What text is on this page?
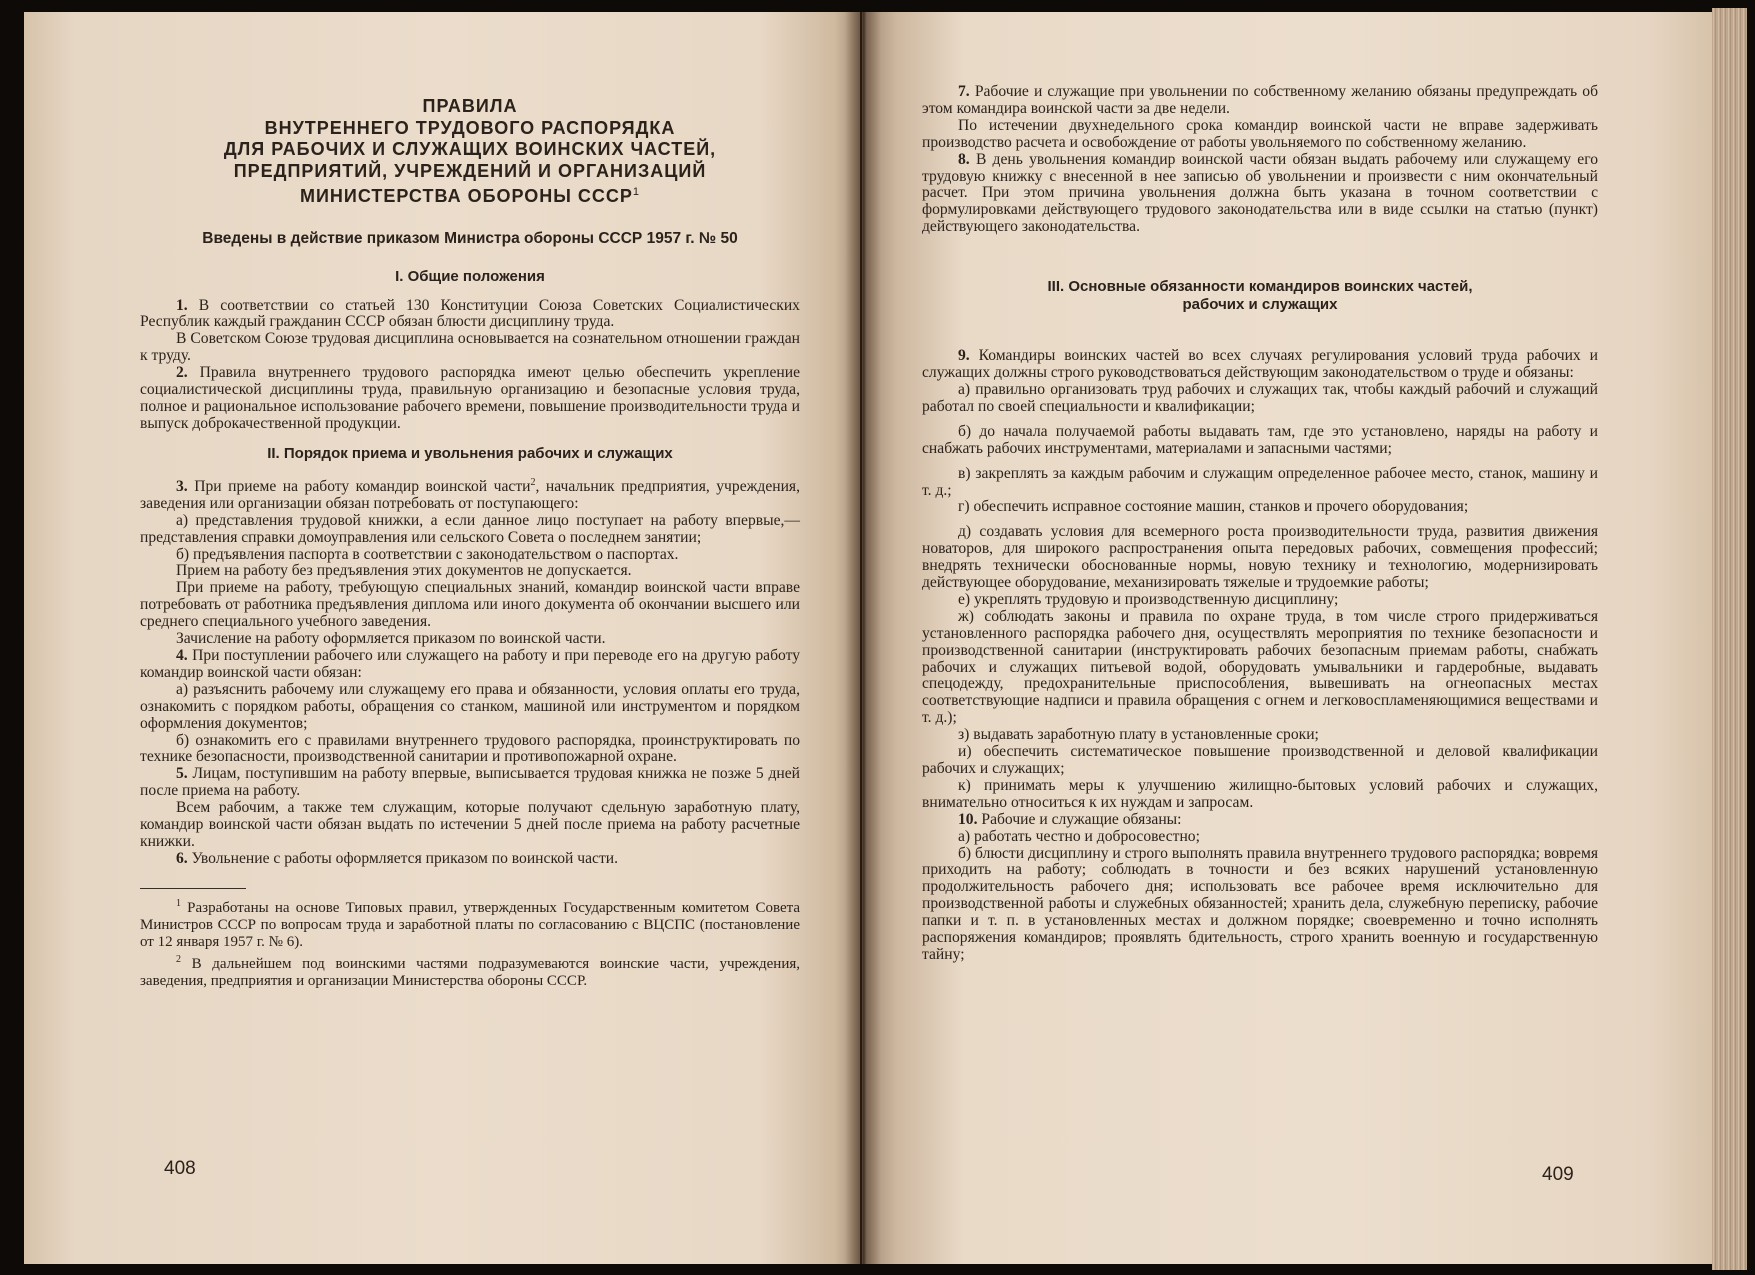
ПРАВИЛА
ВНУТРЕННЕГО ТРУДОВОГО РАСПОРЯДКА
ДЛЯ РАБОЧИХ И СЛУЖАЩИХ ВОИНСКИХ ЧАСТЕЙ,
ПРЕДПРИЯТИЙ, УЧРЕЖДЕНИЙ И ОРГАНИЗАЦИЙ
МИНИСТЕРСТВА ОБОРОНЫ СССР$^1$
Введены в действие приказом Министра обороны СССР 1957 г. № 50
I. Общие положения

1. В соответствии со статьей 130 Конституции Союза Советских Социалистических Республик каждый гражданин СССР обязан блюсти дисциплину труда.

В Советском Союзе трудовая дисциплина основывается на сознательном отношении граждан к труду.

2. Правила внутреннего трудового распорядка имеют целью обеспечить укрепление социалистической дисциплины труда, правильную организацию и безопасные условия труда, полное и рациональное использование рабочего времени, повышение производительности труда и выпуск доброкачественной продукции.

II. Порядок приема и увольнения рабочих и служащих

3. При приеме на работу командир воинской части$^2$, начальник предприятия, учреждения, заведения или организации обязан потребовать от поступающего:

а) представления трудовой книжки, а если данное лицо поступает на работу впервые,— представления справки домоуправления или сельского Совета о последнем занятии;

б) предъявления паспорта в соответствии с законодательством о паспортах.

Прием на работу без предъявления этих документов не допускается.

При приеме на работу, требующую специальных знаний, командир воинской части вправе потребовать от работника предъявления диплома или иного документа об окончании высшего или среднего специального учебного заведения.

Зачисление на работу оформляется приказом по воинской части.

4. При поступлении рабочего или служащего на работу и при переводе его на другую работу командир воинской части обязан:

а) разъяснить рабочему или служащему его права и обязанности, условия оплаты его труда, ознакомить с порядком работы, обращения со станком, машиной или инструментом и порядком оформления документов;

б) ознакомить его с правилами внутреннего трудового распорядка, проинструктировать по технике безопасности, производственной санитарии и противопожарной охране.

5. Лицам, поступившим на работу впервые, выписывается трудовая книжка не позже 5 дней после приема на работу.

Всем рабочим, а также тем служащим, которые получают сдельную заработную плату, командир воинской части обязан выдать по истечении 5 дней после приема на работу расчетные книжки.

6. Увольнение с работы оформляется приказом по воинской части.

$^1$ Разработаны на основе Типовых правил, утвержденных Государственным комитетом Совета Министров СССР по вопросам труда и заработной платы по согласованию с ВЦСПС (постановление от 12 января 1957 г. № 6).

$^2$ В дальнейшем под воинскими частями подразумеваются воинские части, учреждения, заведения, предприятия и организации Министерства обороны СССР.

408

7. Рабочие и служащие при увольнении по собственному желанию обязаны предупреждать об этом командира воинской части за две недели.

По истечении двухнедельного срока командир воинской части не вправе задерживать производство расчета и освобождение от работы увольняемого по собственному желанию.

8. В день увольнения командир воинской части обязан выдать рабочему или служащему его трудовую книжку с внесенной в нее записью об увольнении и произвести с ним окончательный расчет. При этом причина увольнения должна быть указана в точном соответствии с формулировками действующего трудового законодательства или в виде ссылки на статью (пункт) действующего законодательства.

III. Основные обязанности командиров воинских частей,
рабочих и служащих

9. Командиры воинских частей во всех случаях регулирования условий труда рабочих и служащих должны строго руководствоваться действующим законодательством о труде и обязаны:

а) правильно организовать труд рабочих и служащих так, чтобы каждый рабочий и служащий работал по своей специальности и квалификации;

б) до начала получаемой работы выдавать там, где это установлено, наряды на работу и снабжать рабочих инструментами, материалами и запасными частями;

в) закреплять за каждым рабочим и служащим определенное рабочее место, станок, машину и т. д.;

г) обеспечить исправное состояние машин, станков и прочего оборудования;

д) создавать условия для всемерного роста производительности труда, развития движения новаторов, для широкого распространения опыта передовых рабочих, совмещения профессий; внедрять технически обоснованные нормы, новую технику и технологию, модернизировать действующее оборудование, механизировать тяжелые и трудоемкие работы;

е) укреплять трудовую и производственную дисциплину;

ж) соблюдать законы и правила по охране труда, в том числе строго придерживаться установленного распорядка рабочего дня, осуществлять мероприятия по технике безопасности и производственной санитарии (инструктировать рабочих безопасным приемам работы, снабжать рабочих и служащих питьевой водой, оборудовать умывальники и гардеробные, выдавать спецодежду, предохранительные приспособления, вывешивать на огнеопасных местах соответствующие надписи и правила обращения с огнем и легковоспламеняющимися веществами и т. д.);

з) выдавать заработную плату в установленные сроки;

и) обеспечить систематическое повышение производственной и деловой квалификации рабочих и служащих;

к) принимать меры к улучшению жилищно-бытовых условий рабочих и служащих, внимательно относиться к их нуждам и запросам.

10. Рабочие и служащие обязаны:

а) работать честно и добросовестно;

б) блюсти дисциплину и строго выполнять правила внутреннего трудового распорядка; вовремя приходить на работу; соблюдать в точности и без всяких нарушений установленную продолжительность рабочего дня; использовать все рабочее время исключительно для производственной работы и служебных обязанностей; хранить дела, служебную переписку, рабочие папки и т. п. в установленных местах и должном порядке; своевременно и точно исполнять распоряжения командиров; проявлять бдительность, строго хранить военную и государственную тайну;

409
